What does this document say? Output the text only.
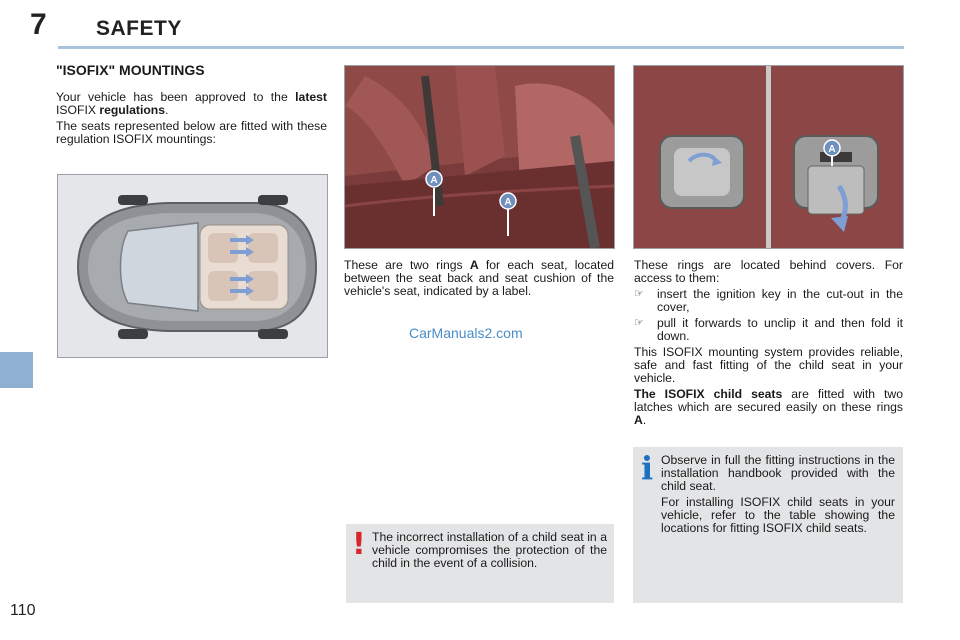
7 SAFETY
110
"ISOFIX" MOUNTINGS

Your vehicle has been approved to the latest ISOFIX regulations.

The seats represented below are fitted with these regulation ISOFIX mountings:

A
A
A

These are two rings A for each seat, located between the seat back and seat cushion of the vehicle's seat, indicated by a label.

CarManuals2.com

These rings are located behind covers. For access to them:

☞ insert the ignition key in the cut-out in the cover,
☞ pull it forwards to unclip it and then fold it down.

This ISOFIX mounting system provides reliable, safe and fast fitting of the child seat in your vehicle.

The ISOFIX child seats are fitted with two latches which are secured easily on these rings A.

i Observe in full the fitting instructions in the installation handbook provided with the child seat.

For installing ISOFIX child seats in your vehicle, refer to the table showing the locations for fitting ISOFIX child seats.

! The incorrect installation of a child seat in a vehicle compromises the protection of the child in the event of a collision.
